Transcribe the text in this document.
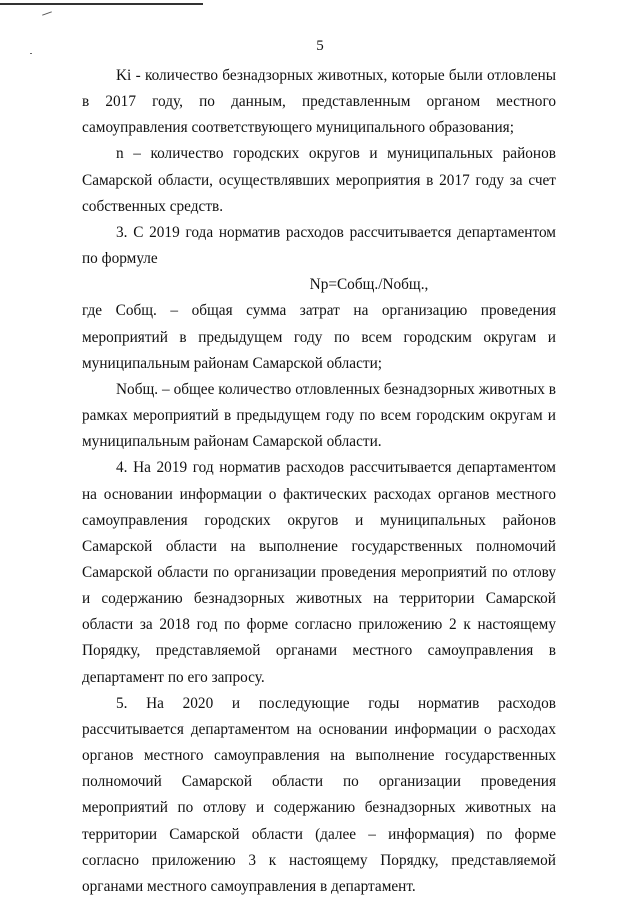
5

Ki - количество безнадзорных животных, которые были отловлены в 2017 году, по данным, представленным органом местного самоуправления соответствующего муниципального образования;

n – количество городских округов и муниципальных районов Самарской области, осуществлявших мероприятия в 2017 году за счет собственных средств.

3. С 2019 года норматив расходов рассчитывается департаментом по формуле

Np=Собщ./Nобщ.,

где Собщ. – общая сумма затрат на организацию проведения мероприятий в предыдущем году по всем городским округам и муниципальным районам Самарской области;

Nобщ. – общее количество отловленных безнадзорных животных в рамках мероприятий в предыдущем году по всем городским округам и муниципальным районам Самарской области.

4. На 2019 год норматив расходов рассчитывается департаментом на основании информации о фактических расходах органов местного самоуправления городских округов и муниципальных районов Самарской области на выполнение государственных полномочий Самарской области по организации проведения мероприятий по отлову и содержанию безнадзорных животных на территории Самарской области за 2018 год по форме согласно приложению 2 к настоящему Порядку, представляемой органами местного самоуправления в департамент по его запросу.

5. На 2020 и последующие годы норматив расходов рассчитывается департаментом на основании информации о расходах органов местного самоуправления на выполнение государственных полномочий Самарской области по организации проведения мероприятий по отлову и содержанию безнадзорных животных на территории Самарской области (далее – информация) по форме согласно приложению 3 к настоящему Порядку, представляемой органами местного самоуправления в департамент.
